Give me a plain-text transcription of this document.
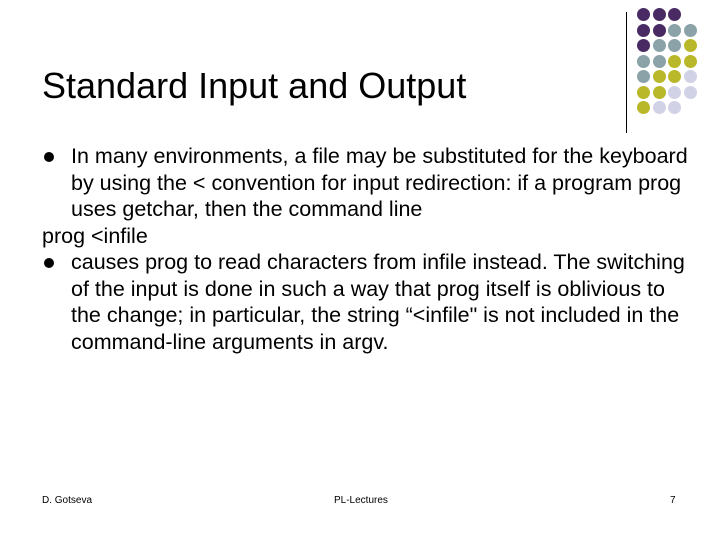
Standard Input and Output
In many environments, a file may be substituted for the keyboard by using the < convention for input redirection: if a program prog uses getchar, then the command line
prog <infile
causes prog to read characters from infile instead. The switching of the input is done in such a way that prog itself is oblivious to the change; in particular, the string “<infile" is not included in the command-line arguments in argv.
D. Gotseva	PL-Lectures	7
